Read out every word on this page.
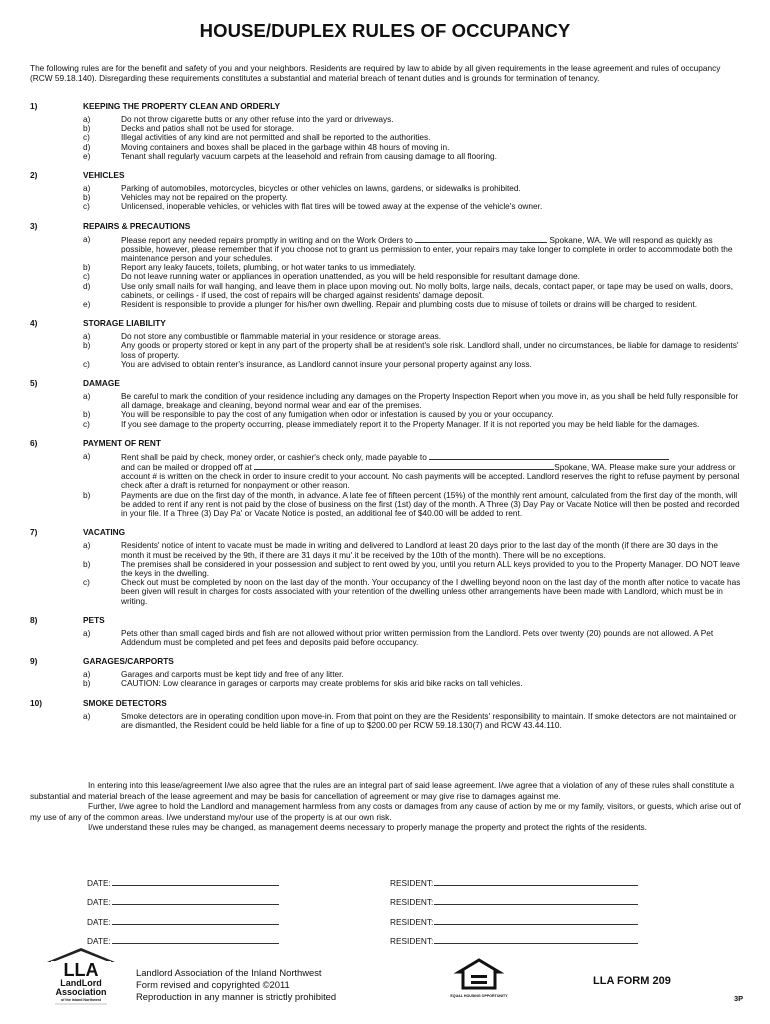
HOUSE/DUPLEX RULES OF OCCUPANCY
The following rules are for the benefit and safety of you and your neighbors. Residents are required by law to abide by all given requirements in the lease agreement and rules of occupancy (RCW 59.18.140). Disregarding these requirements constitutes a substantial and material breach of tenant duties and is grounds for termination of tenancy.
1)	KEEPING THE PROPERTY CLEAN AND ORDERLY
a)	Do not throw cigarette butts or any other refuse into the yard or driveways.
b)	Decks and patios shall not be used for storage.
c)	Illegal activities of any kind are not permitted and shall be reported to the authorities.
d)	Moving containers and boxes shall be placed in the garbage within 48 hours of moving in.
e)	Tenant shall regularly vacuum carpets at the leasehold and refrain from causing damage to all flooring.
2)	VEHICLES
a)	Parking of automobiles, motorcycles, bicycles or other vehicles on lawns, gardens, or sidewalks is prohibited.
b)	Vehicles may not be repaired on the property.
c)	Unlicensed, inoperable vehicles, or vehicles with flat tires will be towed away at the expense of the vehicle's owner.
3)	REPAIRS & PRECAUTIONS
a)	Please report any needed repairs promptly in writing and on the Work Orders to	Spokane, WA. We will respond as quickly as possible, however, please remember that if you choose not to grant us permission to enter, your repairs may take longer to complete in order to accommodate both the maintenance person and your schedules.
b)	Report any leaky faucets, toilets, plumbing, or hot water tanks to us immediately.
c)	Do not leave running water or appliances in operation unattended, as you will be held responsible for resultant damage done.
d)	Use only small nails for wall hanging, and leave them in place upon moving out. No molly bolts, large nails, decals, contact paper, or tape may be used on walls, doors, cabinets, or ceilings - if used, the cost of repairs will be charged against residents' damage deposit.
e)	Resident is responsible to provide a plunger for his/her own dwelling. Repair and plumbing costs due to misuse of toilets or drains will be charged to resident.
4)	STORAGE LIABILITY
a)	Do not store any combustible or flammable material in your residence or storage areas.
b)	Any goods or property stored or kept in any part of the property shall be at resident's sole risk. Landlord shall, under no circumstances, be liable for damage to residents' loss of property.
c)	You are advised to obtain renter's insurance, as Landlord cannot insure your personal property against any loss.
5)	DAMAGE
a)	Be careful to mark the condition of your residence including any damages on the Property Inspection Report when you move in, as you shall be held fully responsible for all damage, breakage and cleaning, beyond normal wear and ear of the premises.
b)	You will be responsible to pay the cost of any fumigation when odor or infestation is caused by you or your occupancy.
c)	If you see damage to the property occurring, please immediately report it to the Property Manager. If it is not reported you may be held liable for the damages.
6)	PAYMENT OF RENT
a)	Rent shall be paid by check, money order, or cashier's check only, made payable to
and can be mailed or dropped off at	Spokane, WA. Please make sure your address or account # is written on the check in order to insure credit to your account. No cash payments will be accepted. Landlord reserves the right to refuse payment by personal check after a draft is returned for nonpayment or other reason.
b)	Payments are due on the first day of the month, in advance. A late fee of fifteen percent (15%) of the monthly rent amount, calculated from the first day of the month, will be added to rent if any rent is not paid by the close of business on the first (1st) day of the month. A Three (3) Day Pay or Vacate Notice will then be posted and recorded in your file. If a Three (3) Day Pa' or Vacate Notice is posted, an additional fee of $40.00 will be added to rent.
7)	VACATING
a)	Residents' notice of intent to vacate must be made in writing and delivered to Landlord at least 20 days prior to the last day of the month (if there are 30 days in the month it must be received by the 9th, if there are 31 days it mu'.it be received by the 10th of the month). There will be no exceptions.
b)	The premises shall be considered in your possession and subject to rent owed by you, until you return ALL keys provided to you to the Property Manager. DO NOT leave the keys in the dwelling.
c)	Check out must be completed by noon on the last day of the month. Your occupancy of the I dwelling beyond noon on the last day of the month after notice to vacate has been given will result in charges for costs associated with your retention of the dwelling unless other arrangements have been made with Landlord, which must be in writing.
8)	PETS
a)	Pets other than small caged birds and fish are not allowed without prior written permission from the Landlord. Pets over twenty (20) pounds are not allowed. A Pet Addendum must be completed and pet fees and deposits paid before occupancy.
9)	GARAGES/CARPORTS
a)	Garages and carports must be kept tidy and free of any litter.
b)	CAUTION: Low clearance in garages or carports may create problems for skis arid bike racks on tall vehicles.
10)	SMOKE DETECTORS
a)	Smoke detectors are in operating condition upon move-in. From that point on they are the Residents' responsibility to maintain. If smoke detectors are not maintained or are dismantled, the Resident could be held liable for a fine of up to $200.00 per RCW 59.18.130(7) and RCW 43.44.110.

In entering into this lease/agreement I/we also agree that the rules are an integral part of said lease agreement. I/we agree that a violation of any of these rules shall constitute a substantial and material breach of the lease agreement and may be basis for cancellation of agreement or may give rise to damages against me.

Further, I/we agree to hold the Landlord and management harmless from any costs or damages from any cause of action by me or my family, visitors, or guests, which arise out of my use of any of the common areas. I/we understand my/our use of the property is at our own risk.

I/we understand these rules may be changed, as management deems necessary to properly manage the property and protect the rights of the residents.

DATE:	RESIDENT:
DATE:	RESIDENT:
DATE:	RESIDENT:
DATE:	RESIDENT:
LLA
LandLord
Association
of the Inland Northwest
Landlord Association of the Inland Northwest
Form revised and copyrighted ©2011
Reproduction in any manner is strictly prohibited	EQUAL HOUSING OPPORTUNITY
LLA FORM 209
3P
